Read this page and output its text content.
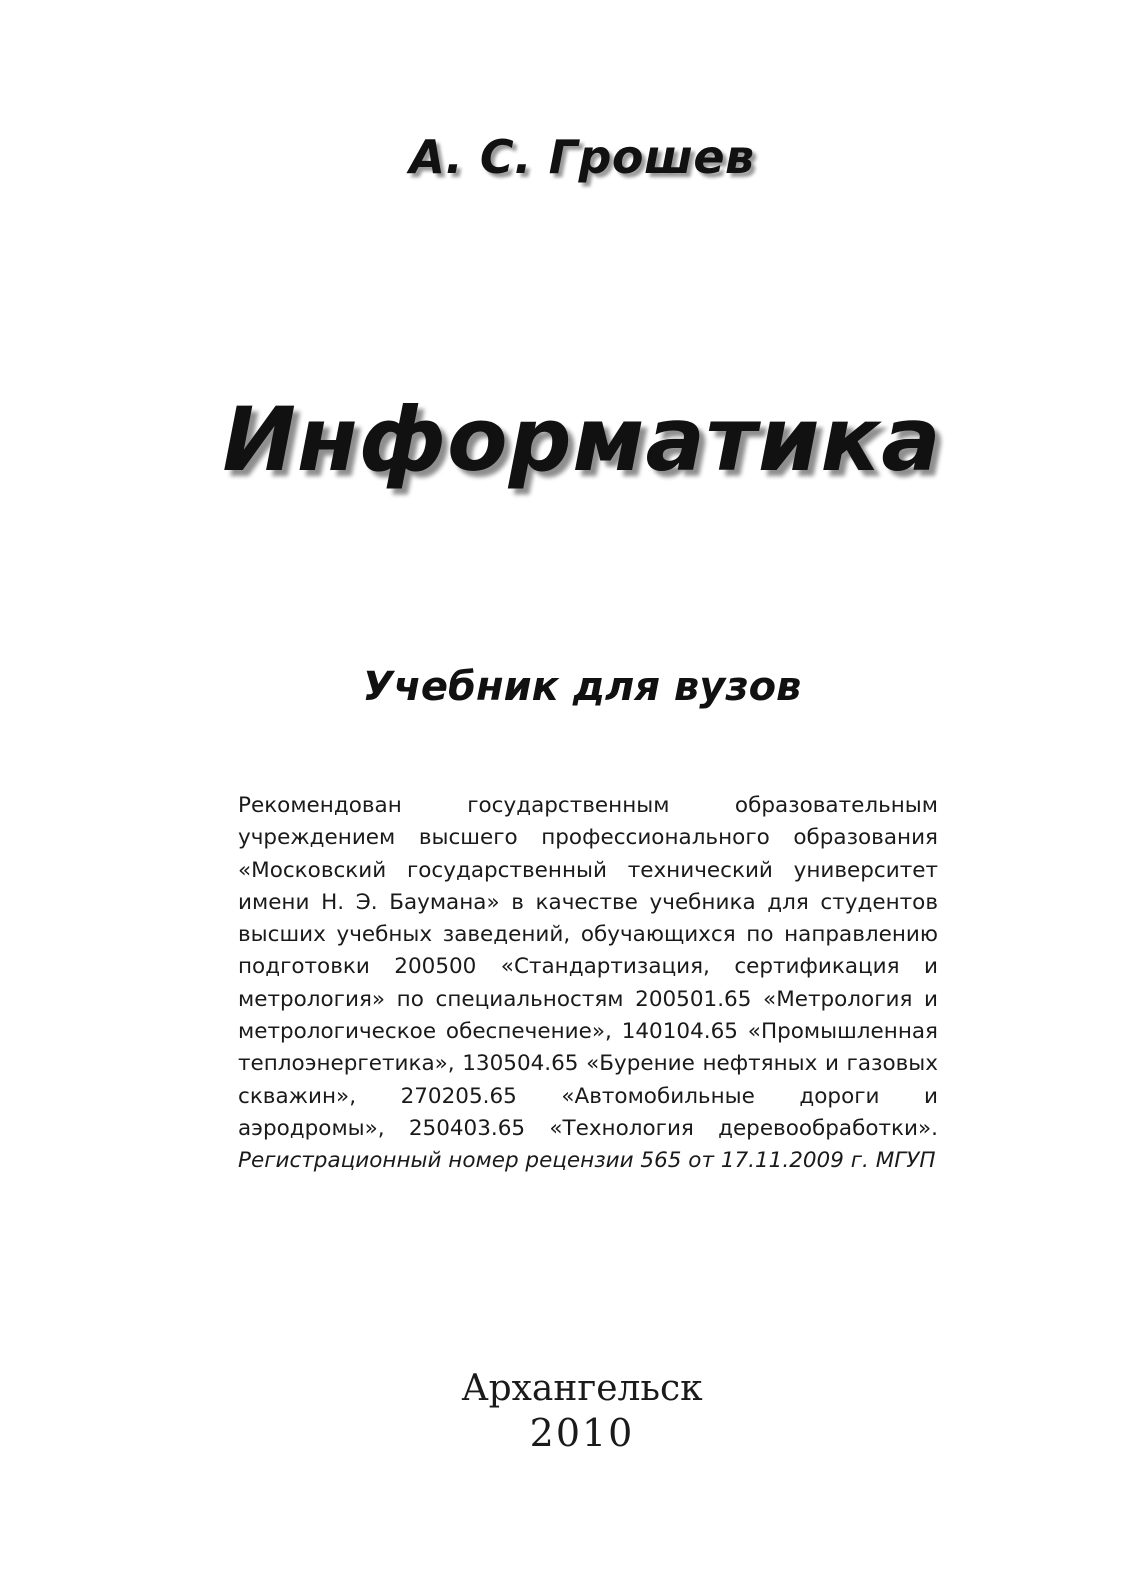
А. С. Грошев
Информатика
Учебник для вузов
Рекомендован государственным образовательным учреждением высшего профессионального образования «Московский государственный технический университет имени Н. Э. Баумана» в качестве учебника для студентов высших учебных заведений, обучающихся по направлению подготовки 200500 «Стандартизация, сертификация и метрология» по специальностям 200501.65 «Метрология и метрологическое обеспечение», 140104.65 «Промышленная теплоэнергетика», 130504.65 «Бурение нефтяных и газовых скважин», 270205.65 «Автомобильные дороги и аэродромы», 250403.65 «Технология деревообработки». Регистрационный номер рецензии 565 от 17.11.2009 г. МГУП
Архангельск
2010
